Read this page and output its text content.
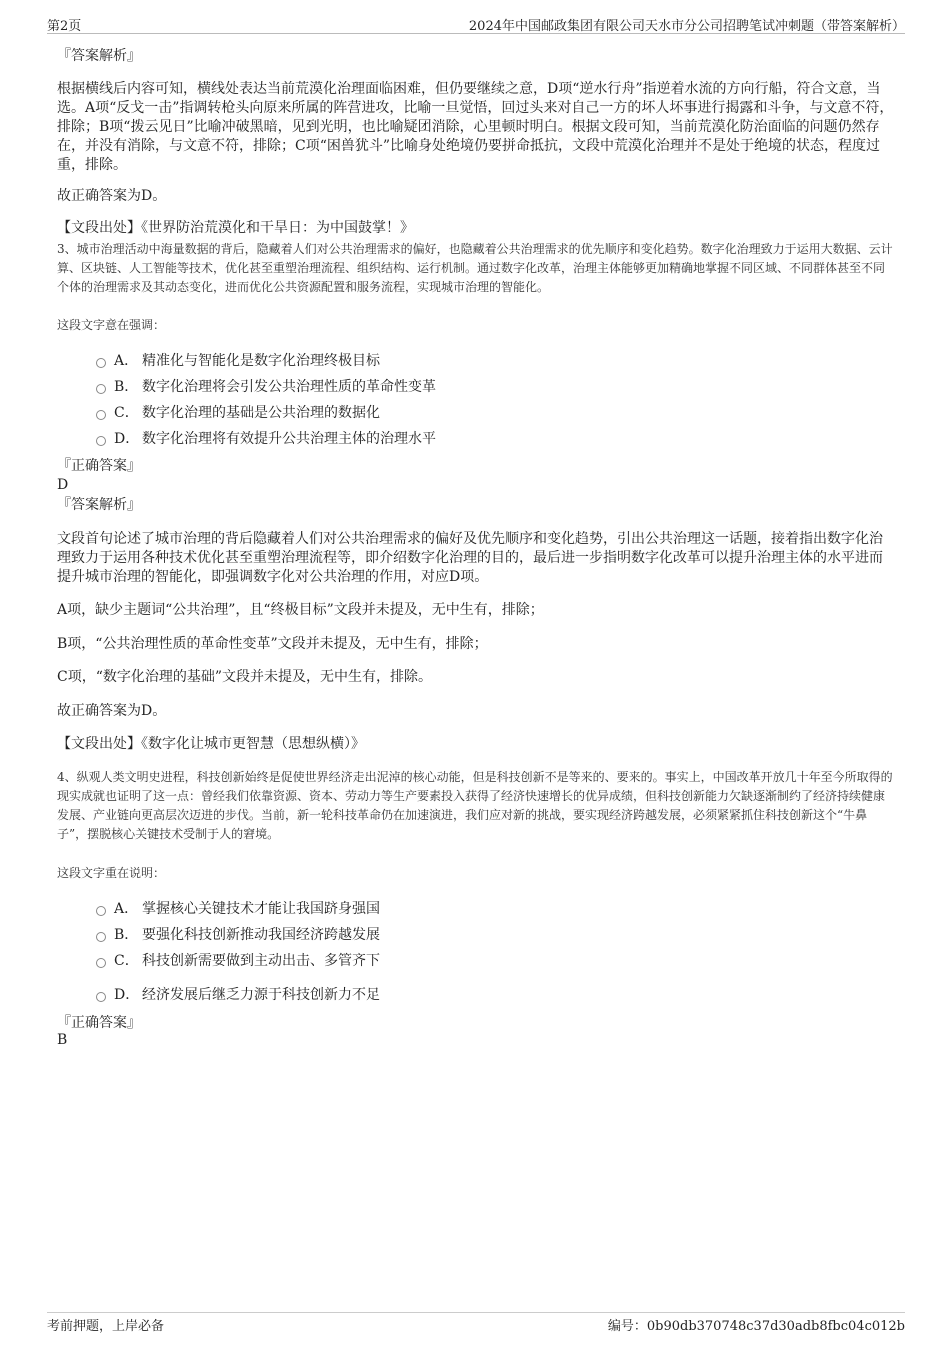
第2页	2024年中国邮政集团有限公司天水市分公司招聘笔试冲刺题（带答案解析）
『答案解析』
根据横线后内容可知，横线处表达当前荒漠化治理面临困难，但仍要继续之意，D项“逆水行舟”指逆着水流的方向行船，符合文意，当选。A项“反戈一击”指调转枪头向原来所属的阵营进攻，比喻一旦觉悟，回过头来对自己一方的坏人坏事进行揭露和斗争，与文意不符，排除；B项“拨云见日”比喻冲破黑暗，见到光明，也比喻疑团消除，心里顿时明白。根据文段可知，当前荒漠化防治面临的问题仍然存在，并没有消除，与文意不符，排除；C项“困兽犹斗”比喻身处绝境仍要拼命抵抗，文段中荒漠化治理并不是处于绝境的状态，程度过重，排除。
故正确答案为D。
【文段出处】《世界防治荒漠化和干旱日：为中国鼓掌！》
3、城市治理活动中海量数据的背后，隐藏着人们对公共治理需求的偏好，也隐藏着公共治理需求的优先顺序和变化趋势。数字化治理致力于运用大数据、云计算、区块链、人工智能等技术，优化甚至重塑治理流程、组织结构、运行机制。通过数字化改革，治理主体能够更加精确地掌握不同区域、不同群体甚至不同个体的治理需求及其动态变化，进而优化公共资源配置和服务流程，实现城市治理的智能化。
这段文字意在强调：
A． 精准化与智能化是数字化治理终极目标
B． 数字化治理将会引发公共治理性质的革命性变革
C． 数字化治理的基础是公共治理的数据化
D． 数字化治理将有效提升公共治理主体的治理水平
『正确答案』
D
『答案解析』
文段首句论述了城市治理的背后隐藏着人们对公共治理需求的偏好及优先顺序和变化趋势，引出公共治理这一话题，接着指出数字化治理致力于运用各种技术优化甚至重塑治理流程等，即介绍数字化治理的目的，最后进一步指明数字化改革可以提升治理主体的水平进而提升城市治理的智能化，即强调数字化对公共治理的作用，对应D项。
A项，缺少主题词“公共治理”，且“终极目标”文段并未提及，无中生有，排除；
B项，“公共治理性质的革命性变革”文段并未提及，无中生有，排除；
C项，“数字化治理的基础”文段并未提及，无中生有，排除。
故正确答案为D。
【文段出处】《数字化让城市更智慧（思想纵横）》
4、纵观人类文明史进程，科技创新始终是促使世界经济走出泥淖的核心动能，但是科技创新不是等来的、要来的。事实上，中国改革开放几十年至今所取得的现实成就也证明了这一点：曾经我们依靠资源、资本、劳动力等生产要素投入获得了经济快速增长的优异成绩，但科技创新能力欠缺逐渐制约了经济持续健康发展、产业链向更高层次迈进的步伐。当前，新一轮科技革命仍在加速演进，我们应对新的挑战，要实现经济跨越发展，必须紧紧抓住科技创新这个“牛鼻子”，摆脱核心关键技术受制于人的窘境。
这段文字重在说明：
A． 掌握核心关键技术才能让我国跻身强国
B． 要强化科技创新推动我国经济跨越发展
C． 科技创新需要做到主动出击、多管齐下
D． 经济发展后继乏力源于科技创新力不足
『正确答案』
B
考前押题，上岸必备	编号：0b90db370748c37d30adb8fbc04c012b
